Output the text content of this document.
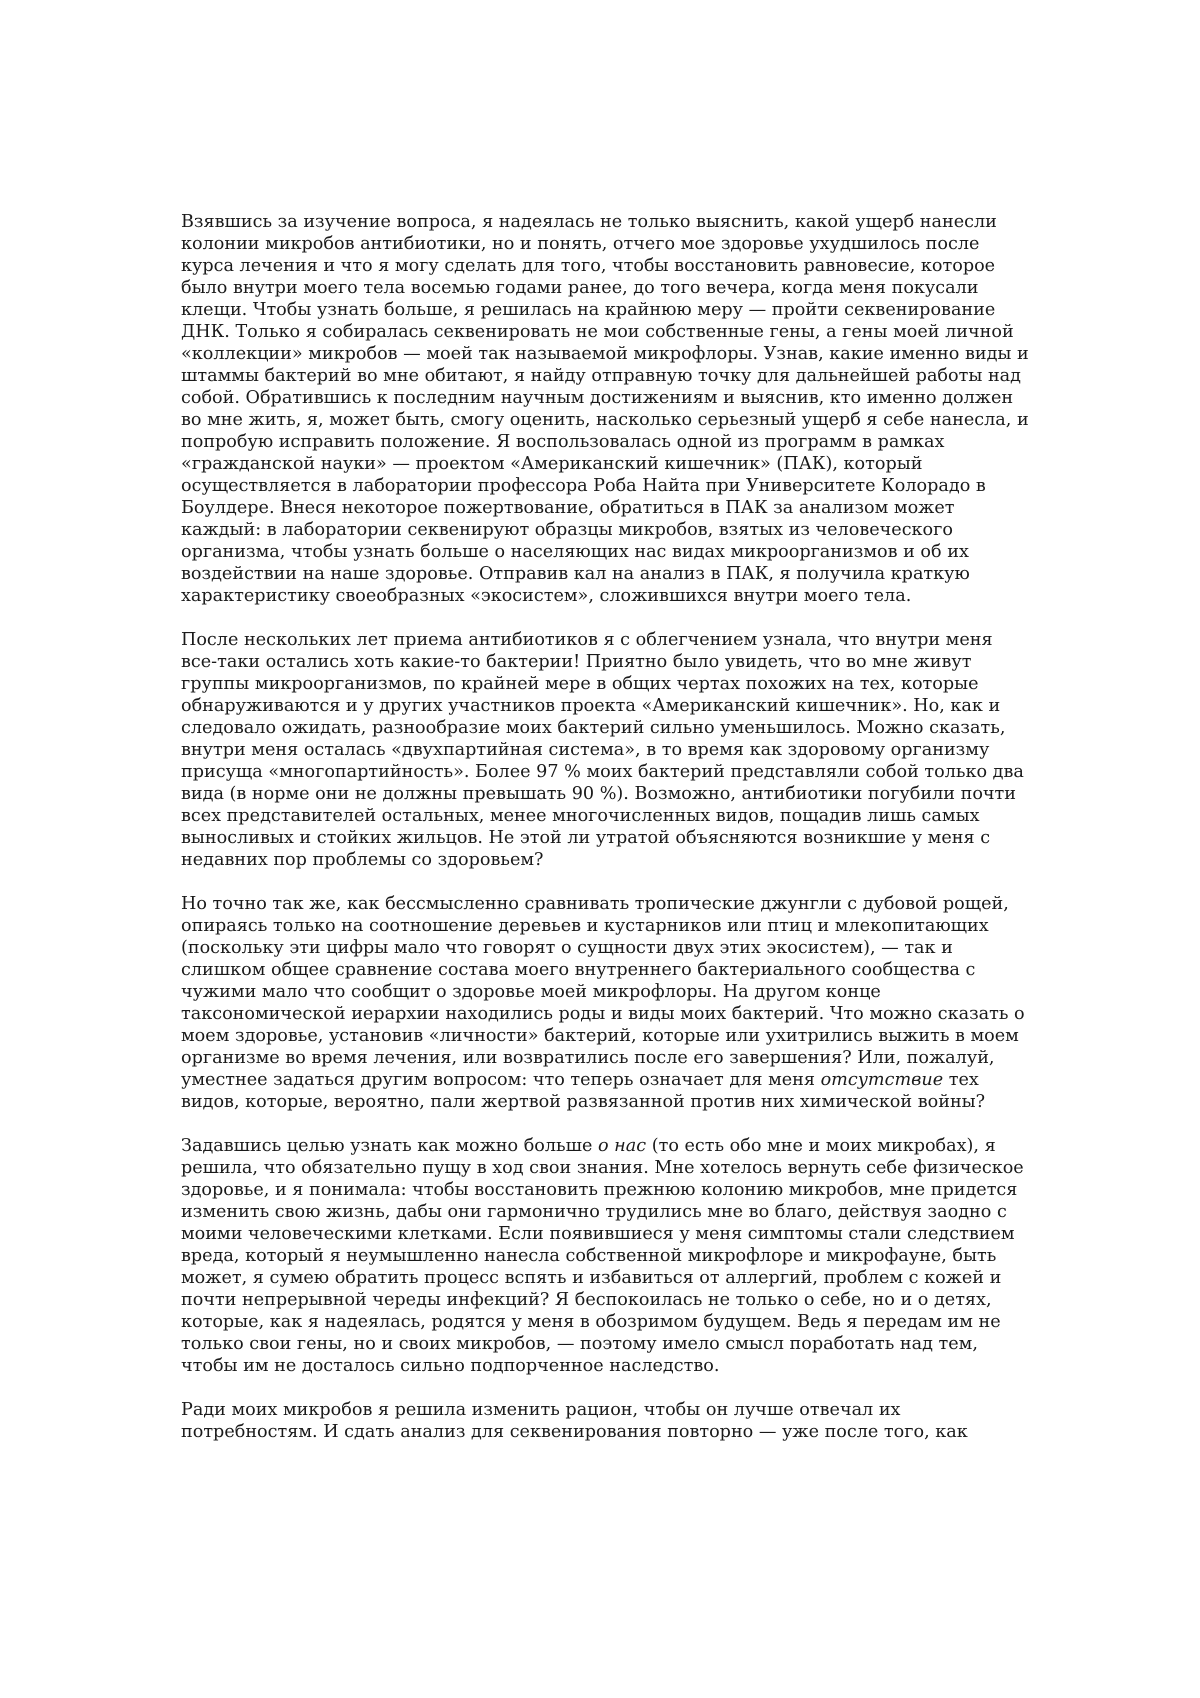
Взявшись за изучение вопроса, я надеялась не только выяснить, какой ущерб нанесли колонии микробов антибиотики, но и понять, отчего мое здоровье ухудшилось после курса лечения и что я могу сделать для того, чтобы восстановить равновесие, которое было внутри моего тела восемью годами ранее, до того вечера, когда меня покусали клещи. Чтобы узнать больше, я решилась на крайнюю меру — пройти секвенирование ДНК. Только я собиралась секвенировать не мои собственные гены, а гены моей личной «коллекции» микробов — моей так называемой микрофлоры. Узнав, какие именно виды и штаммы бактерий во мне обитают, я найду отправную точку для дальнейшей работы над собой. Обратившись к последним научным достижениям и выяснив, кто именно должен во мне жить, я, может быть, смогу оценить, насколько серьезный ущерб я себе нанесла, и попробую исправить положение. Я воспользовалась одной из программ в рамках «гражданской науки» — проектом «Американский кишечник» (ПАК), который осуществляется в лаборатории профессора Роба Найта при Университете Колорадо в Боулдере. Внеся некоторое пожертвование, обратиться в ПАК за анализом может каждый: в лаборатории секвенируют образцы микробов, взятых из человеческого организма, чтобы узнать больше о населяющих нас видах микроорганизмов и об их воздействии на наше здоровье. Отправив кал на анализ в ПАК, я получила краткую характеристику своеобразных «экосистем», сложившихся внутри моего тела.

После нескольких лет приема антибиотиков я с облегчением узнала, что внутри меня все-таки остались хоть какие-то бактерии! Приятно было увидеть, что во мне живут группы микроорганизмов, по крайней мере в общих чертах похожих на тех, которые обнаруживаются и у других участников проекта «Американский кишечник». Но, как и следовало ожидать, разнообразие моих бактерий сильно уменьшилось. Можно сказать, внутри меня осталась «двухпартийная система», в то время как здоровому организму присуща «многопартийность». Более 97 % моих бактерий представляли собой только два вида (в норме они не должны превышать 90 %). Возможно, антибиотики погубили почти всех представителей остальных, менее многочисленных видов, пощадив лишь самых выносливых и стойких жильцов. Не этой ли утратой объясняются возникшие у меня с недавних пор проблемы со здоровьем?

Но точно так же, как бессмысленно сравнивать тропические джунгли с дубовой рощей, опираясь только на соотношение деревьев и кустарников или птиц и млекопитающих (поскольку эти цифры мало что говорят о сущности двух этих экосистем), — так и слишком общее сравнение состава моего внутреннего бактериального сообщества с чужими мало что сообщит о здоровье моей микрофлоры. На другом конце таксономической иерархии находились роды и виды моих бактерий. Что можно сказать о моем здоровье, установив «личности» бактерий, которые или ухитрились выжить в моем организме во время лечения, или возвратились после его завершения? Или, пожалуй, уместнее задаться другим вопросом: что теперь означает для меня отсутствие тех видов, которые, вероятно, пали жертвой развязанной против них химической войны?

Задавшись целью узнать как можно больше о нас (то есть обо мне и моих микробах), я решила, что обязательно пущу в ход свои знания. Мне хотелось вернуть себе физическое здоровье, и я понимала: чтобы восстановить прежнюю колонию микробов, мне придется изменить свою жизнь, дабы они гармонично трудились мне во благо, действуя заодно с моими человеческими клетками. Если появившиеся у меня симптомы стали следствием вреда, который я неумышленно нанесла собственной микрофлоре и микрофауне, быть может, я сумею обратить процесс вспять и избавиться от аллергий, проблем с кожей и почти непрерывной череды инфекций? Я беспокоилась не только о себе, но и о детях, которые, как я надеялась, родятся у меня в обозримом будущем. Ведь я передам им не только свои гены, но и своих микробов, — поэтому имело смысл поработать над тем, чтобы им не досталось сильно подпорченное наследство.

Ради моих микробов я решила изменить рацион, чтобы он лучше отвечал их потребностям. И сдать анализ для секвенирования повторно — уже после того, как
